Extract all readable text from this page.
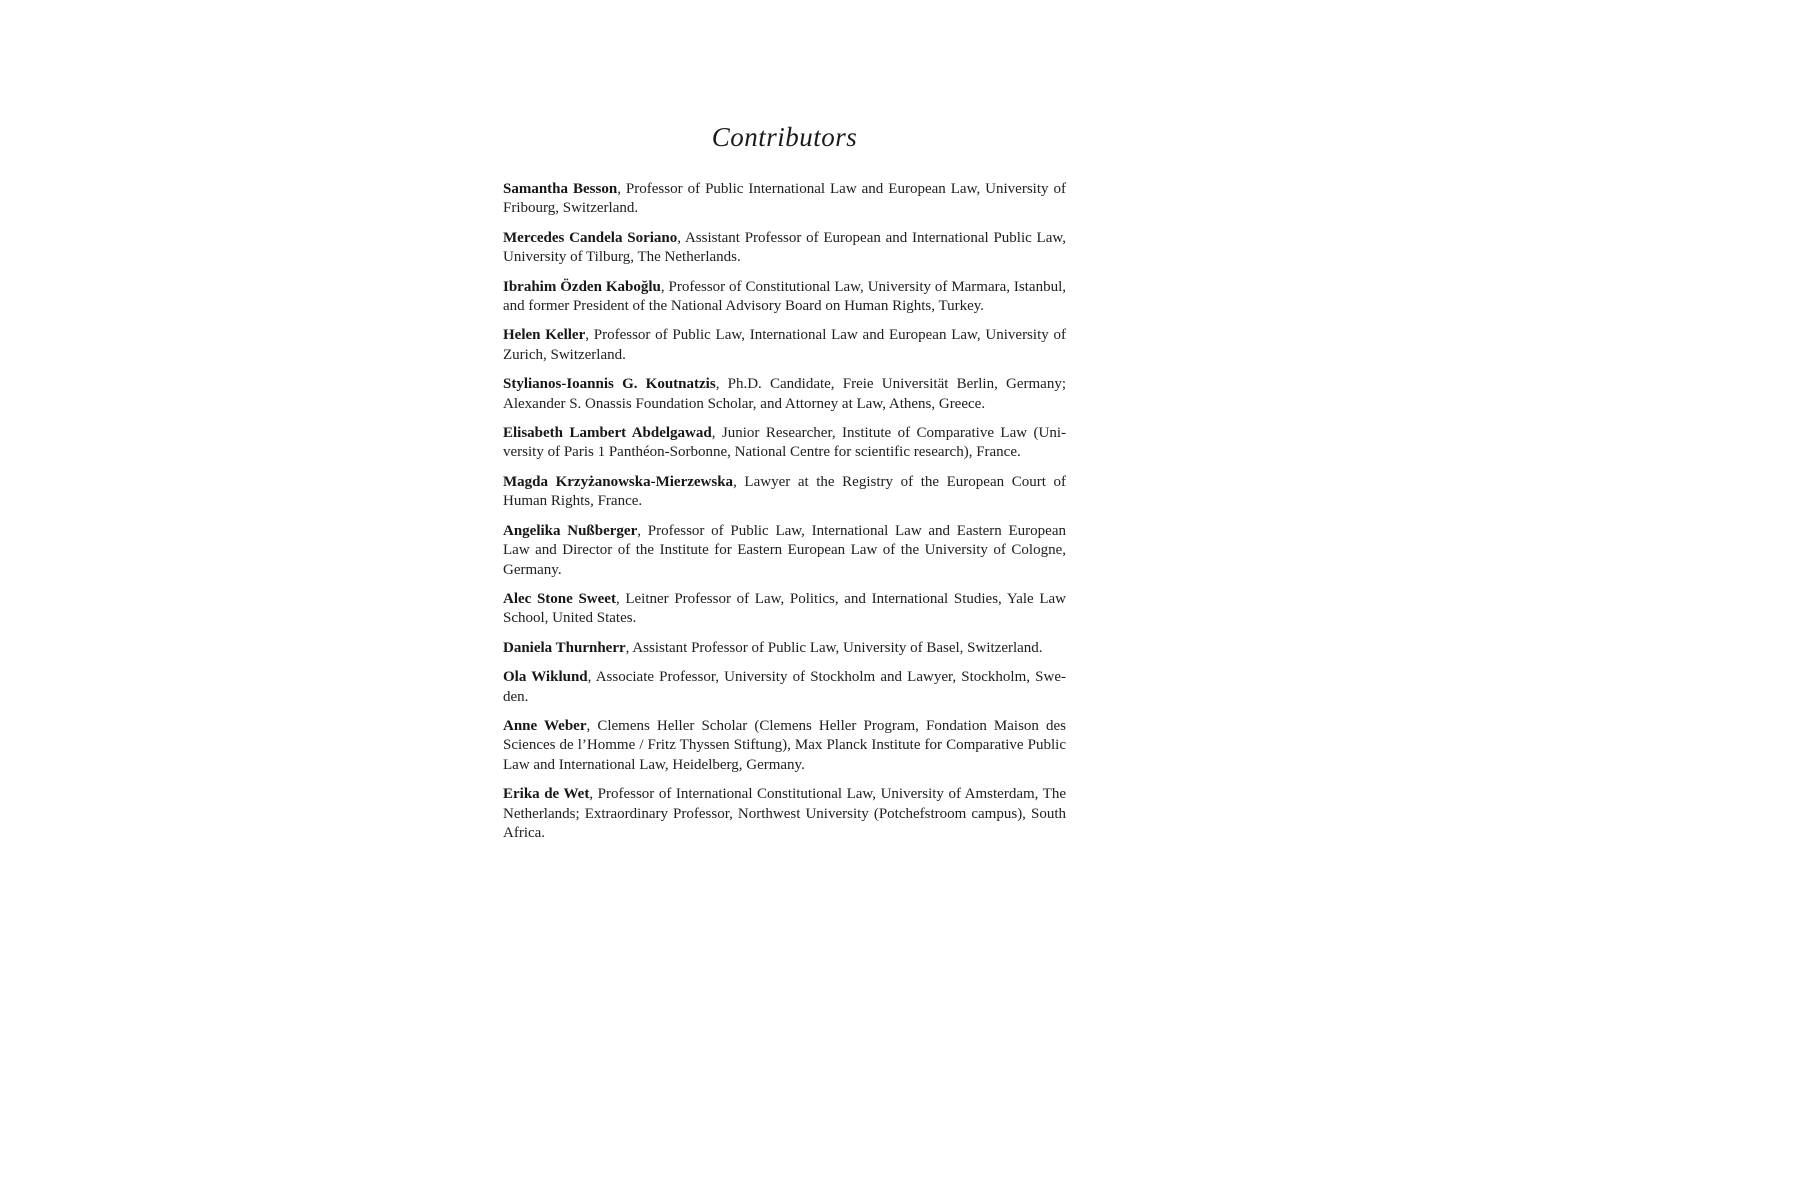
Contributors

Samantha Besson, Professor of Public International Law and European Law, University of Fribourg, Switzerland.

Mercedes Candela Soriano, Assistant Professor of European and International Public Law, University of Tilburg, The Netherlands.

Ibrahim Özden Kaboğlu, Professor of Constitutional Law, University of Marmara, Istanbul, and former President of the National Advisory Board on Human Rights, Turkey.

Helen Keller, Professor of Public Law, International Law and European Law, University of Zurich, Switzerland.

Stylianos-Ioannis G. Koutnatzis, Ph.D. Candidate, Freie Universität Berlin, Germany; Alexander S. Onassis Foundation Scholar, and Attorney at Law, Athens, Greece.

Elisabeth Lambert Abdelgawad, Junior Researcher, Institute of Comparative Law (University of Paris 1 Panthéon-Sorbonne, National Centre for scientific research), France.

Magda Krzyżanowska-Mierzewska, Lawyer at the Registry of the European Court of Human Rights, France.

Angelika Nußberger, Professor of Public Law, International Law and Eastern European Law and Director of the Institute for Eastern European Law of the University of Cologne, Germany.

Alec Stone Sweet, Leitner Professor of Law, Politics, and International Studies, Yale Law School, United States.

Daniela Thurnherr, Assistant Professor of Public Law, University of Basel, Switzerland.

Ola Wiklund, Associate Professor, University of Stockholm and Lawyer, Stockholm, Sweden.

Anne Weber, Clemens Heller Scholar (Clemens Heller Program, Fondation Maison des Sciences de l’Homme / Fritz Thyssen Stiftung), Max Planck Institute for Comparative Public Law and International Law, Heidelberg, Germany.

Erika de Wet, Professor of International Constitutional Law, University of Amsterdam, The Netherlands; Extraordinary Professor, Northwest University (Potchefstroom campus), South Africa.
